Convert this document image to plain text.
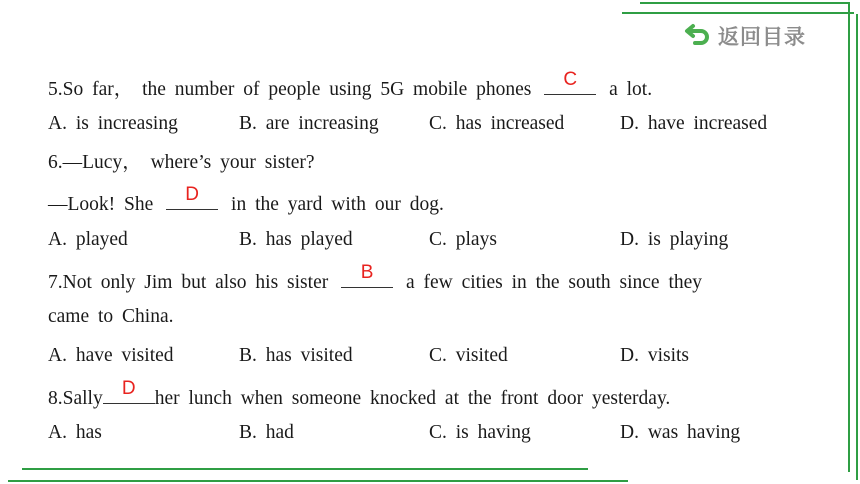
返回目录
5.So far， the number of people using 5G mobile phones	C	a lot.
A. is increasing	B. are increasing	C. has increased	D. have increased
6.—Lucy， where’s your sister?
—Look! She	D	in the yard with our dog.
A. played	B. has played	C. plays	D. is playing
7.Not only Jim but also his sister	B	a few cities in the south since they
came to China.
A. have visited	B. has visited	C. visited	D. visits
8.Sally	D her lunch when someone knocked at the front door yesterday.
A. has	B. had	C. is having	D. was having
